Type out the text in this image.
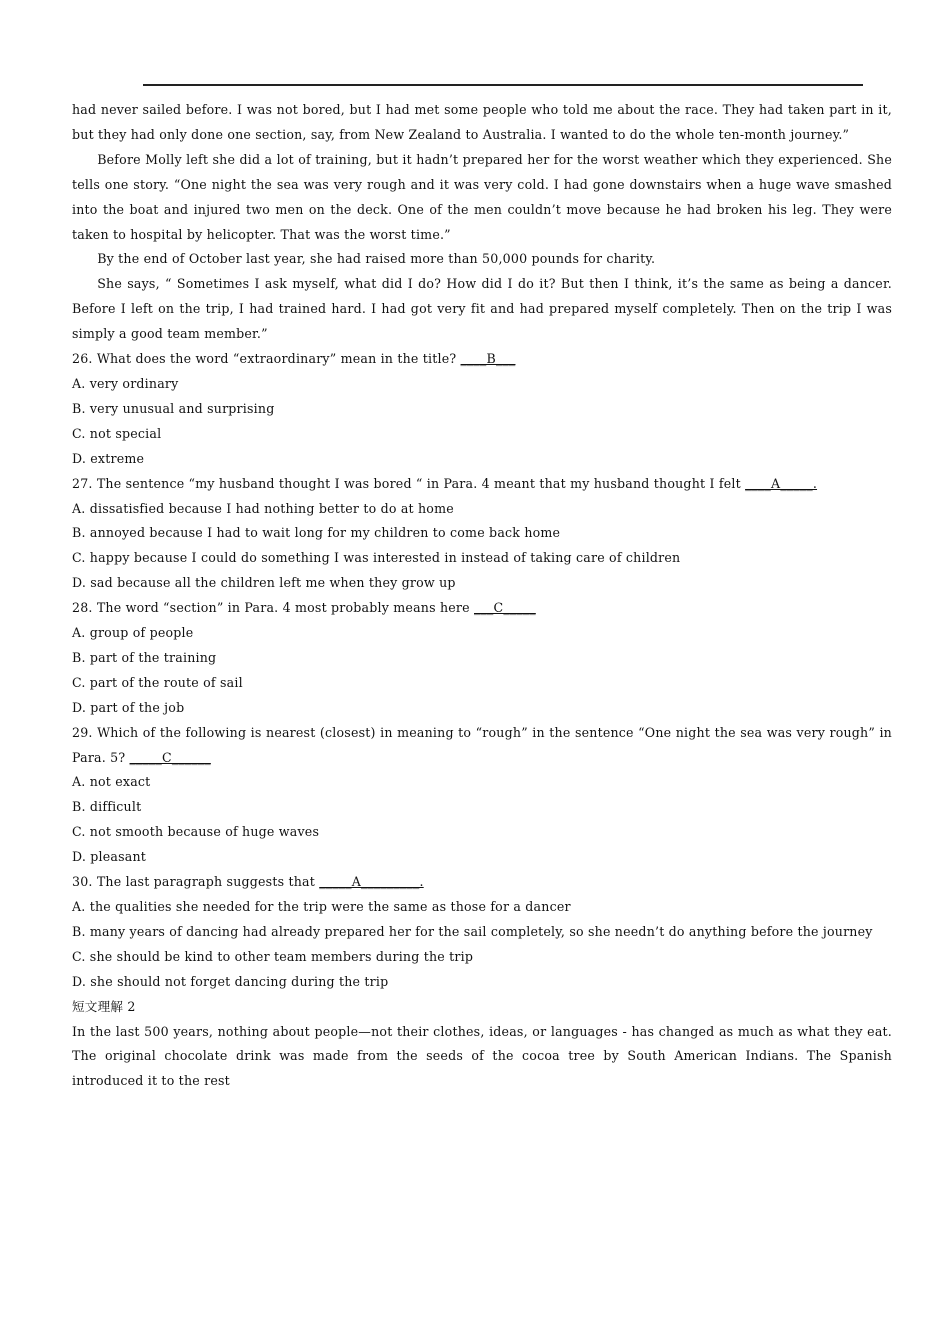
had never sailed before. I was not bored, but I had met some people who told me about the race. They had taken part in it, but they had only done one section, say, from New Zealand to Australia. I wanted to do the whole ten-month journey.”

Before Molly left she did a lot of training, but it hadn’t prepared her for the worst weather which they experienced. She tells one story. “One night the sea was very rough and it was very cold. I had gone downstairs when a huge wave smashed into the boat and injured two men on the deck. One of the men couldn’t move because he had broken his leg. They were taken to hospital by helicopter. That was the worst time.”

By the end of October last year, she had raised more than 50,000 pounds for charity.

She says, “ Sometimes I ask myself, what did I do? How did I do it? But then I think, it’s the same as being a dancer. Before I left on the trip, I had trained hard. I had got very fit and had prepared myself completely. Then on the trip I was simply a good team member.”

26. What does the word “extraordinary” mean in the title? ____B___

A. very ordinary

B. very unusual and surprising

C. not special

D. extreme

27. The sentence “my husband thought I was bored “ in Para. 4 meant that my husband thought I felt ____A_____.

A. dissatisfied because I had nothing better to do at home

B. annoyed because I had to wait long for my children to come back home

C. happy because I could do something I was interested in instead of taking care of children

D. sad because all the children left me when they grow up

28. The word “section” in Para. 4 most probably means here ___C_____

A. group of people

B. part of the training

C. part of the route of sail

D. part of the job

29. Which of the following is nearest (closest) in meaning to “rough” in the sentence “One night the sea was very rough” in Para. 5? _____C______

A. not exact

B. difficult

C. not smooth because of huge waves

D. pleasant

30. The last paragraph suggests that _____A_________.

A. the qualities she needed for the trip were the same as those for a dancer

B. many years of dancing had already prepared her for the sail completely, so she needn’t do anything before the journey

C. she should be kind to other team members during the trip

D. she should not forget dancing during the trip

短文理解 2

In the last 500 years, nothing about people—not their clothes, ideas, or languages - has changed as much as what they eat. The original chocolate drink was made from the seeds of the cocoa tree by South American Indians. The Spanish introduced it to the rest
